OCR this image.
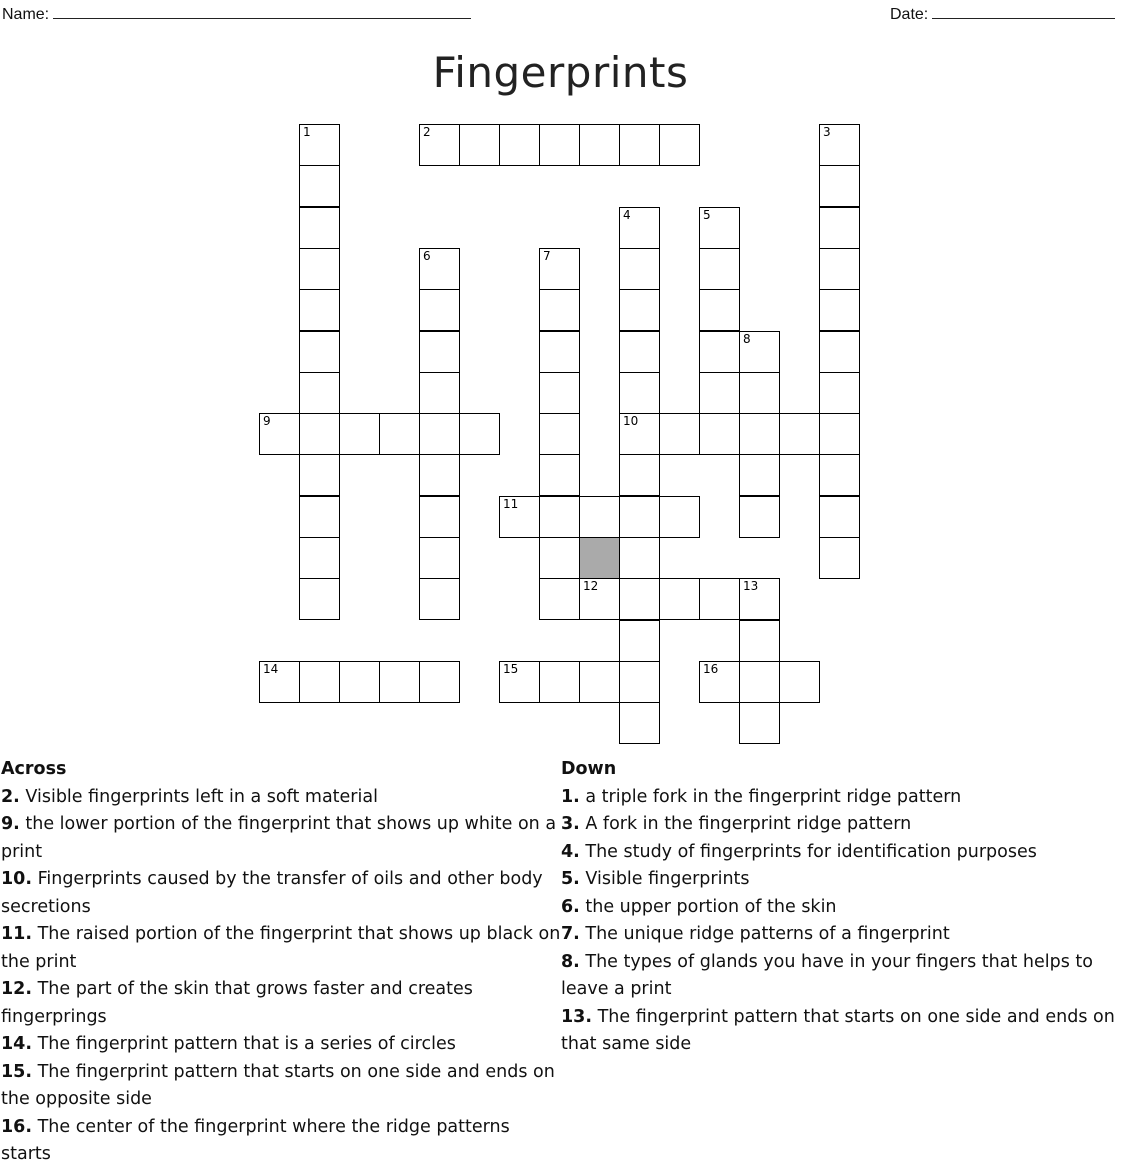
Name:	Date:
Fingerprints
1	2	3
4
10
5
6	7
8
9
11
12	13
14	15	16
Across
2. Visible fingerprints left in a soft material
9. the lower portion of the fingerprint that shows up white on a print
10. Fingerprints caused by the transfer of oils and other body secretions
11. The raised portion of the fingerprint that shows up black on the print
12. The part of the skin that grows faster and creates fingerprings
14. The fingerprint pattern that is a series of circles
15. The fingerprint pattern that starts on one side and ends on the opposite side
16. The center of the fingerprint where the ridge patterns starts
Down
1. a triple fork in the fingerprint ridge pattern
3. A fork in the fingerprint ridge pattern
4. The study of fingerprints for identification purposes
5. Visible fingerprints
6. the upper portion of the skin
7. The unique ridge patterns of a fingerprint
8. The types of glands you have in your fingers that helps to leave a print
13. The fingerprint pattern that starts on one side and ends on that same side
